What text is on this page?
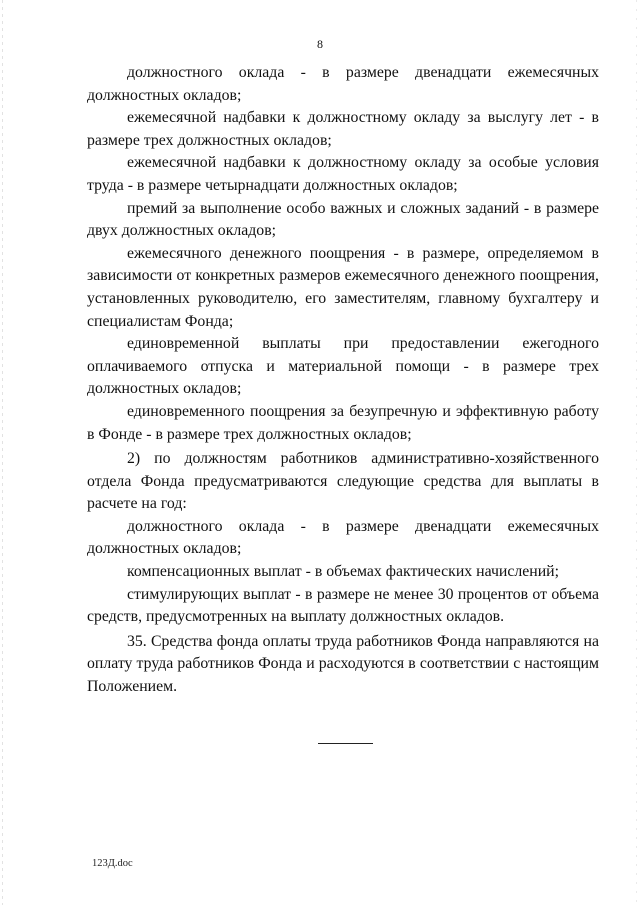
8

должностного оклада - в размере двенадцати ежемесячных должностных окладов;

ежемесячной надбавки к должностному окладу за выслугу лет - в размере трех должностных окладов;

ежемесячной надбавки к должностному окладу за особые условия труда - в размере четырнадцати должностных окладов;

премий за выполнение особо важных и сложных заданий - в размере двух должностных окладов;

ежемесячного денежного поощрения - в размере, определяемом в зависимости от конкретных размеров ежемесячного денежного поощрения, установленных руководителю, его заместителям, главному бухгалтеру и специалистам Фонда;

единовременной выплаты при предоставлении ежегодного оплачиваемого отпуска и материальной помощи - в размере трех должностных окладов;

единовременного поощрения за безупречную и эффективную работу в Фонде - в размере трех должностных окладов;

2) по должностям работников административно-хозяйственного отдела Фонда предусматриваются следующие средства для выплаты в расчете на год:

должностного оклада - в размере двенадцати ежемесячных должностных окладов;

компенсационных выплат - в объемах фактических начислений;

стимулирующих выплат - в размере не менее 30 процентов от объема средств, предусмотренных на выплату должностных окладов.

35. Средства фонда оплаты труда работников Фонда направляются на оплату труда работников Фонда и расходуются в соответствии с настоящим Положением.

123Д.doc
